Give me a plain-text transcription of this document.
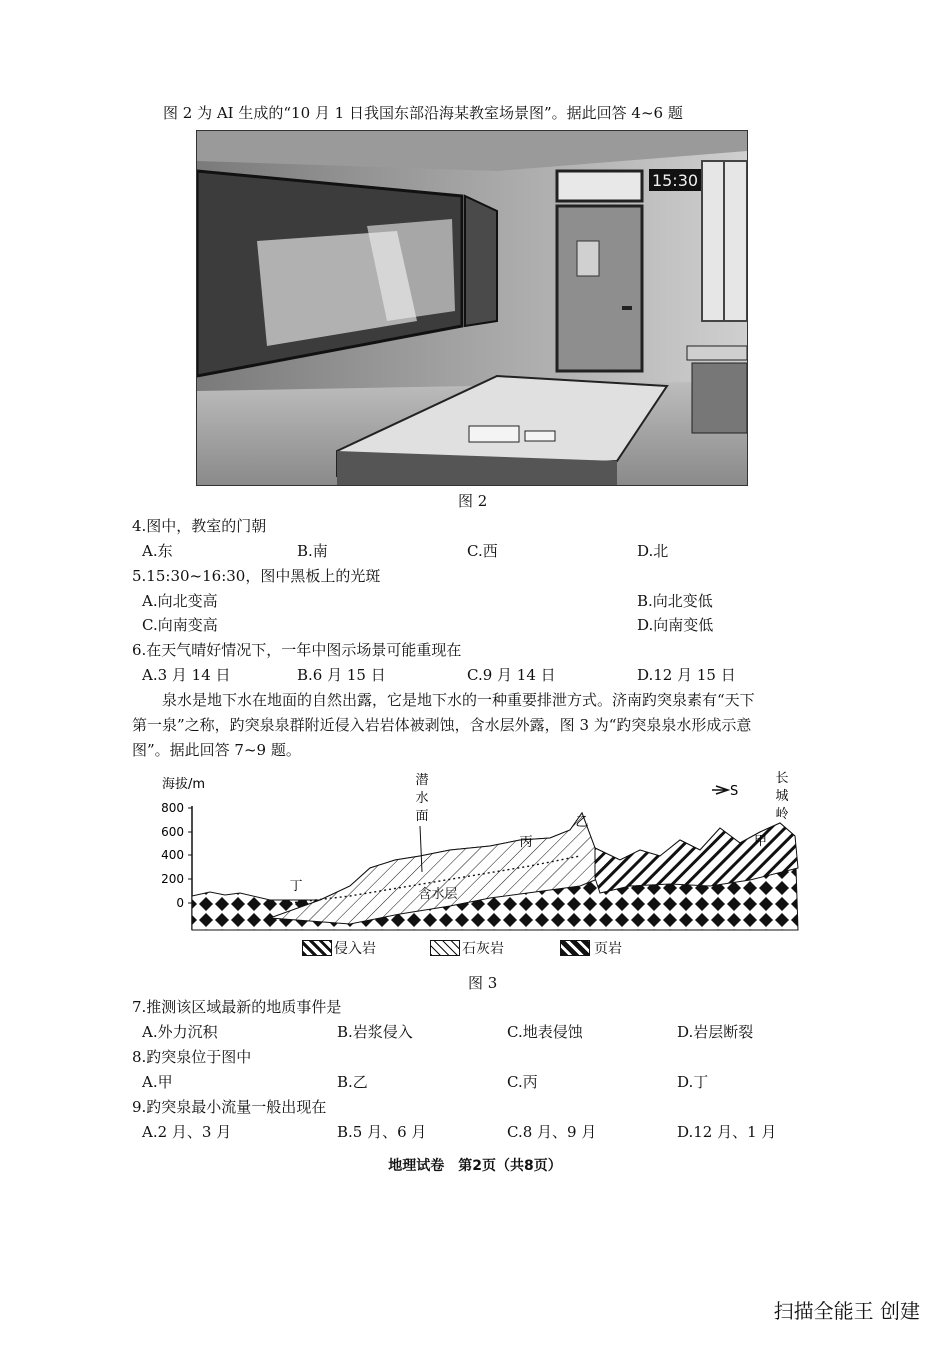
图 2 为 AI 生成的“10 月 1 日我国东部沿海某教室场景图”。据此回答 4~6 题
15:30
图 2
4.图中，教室的门朝
A.东	B.南	C.西	D.北
5.15:30~16:30，图中黑板上的光斑
A.向北变高	B.向北变低
C.向南变高	D.向南变低
6.在天气晴好情况下，一年中图示场景可能重现在
A.3 月 14 日	B.6 月 15 日	C.9 月 14 日	D.12 月 15 日
泉水是地下水在地面的自然出露，它是地下水的一种重要排泄方式。济南趵突泉素有“天下
第一泉”之称，趵突泉泉群附近侵入岩岩体被剥蚀，含水层外露，图 3 为“趵突泉泉水形成示意
图”。据此回答 7~9 题。
海拔/m
800
600
400
200
0
潜
水
面
长
城
岭
S
甲
乙
丙
丁
含水层
侵入岩	石灰岩	页岩
图 3
7.推测该区域最新的地质事件是
A.外力沉积	B.岩浆侵入	C.地表侵蚀	D.岩层断裂
8.趵突泉位于图中
A.甲	B.乙	C.丙	D.丁
9.趵突泉最小流量一般出现在
A.2 月、3 月	B.5 月、6 月	C.8 月、9 月	D.12 月、1 月
地理试卷　第2页（共8页）
扫描全能王 创建
